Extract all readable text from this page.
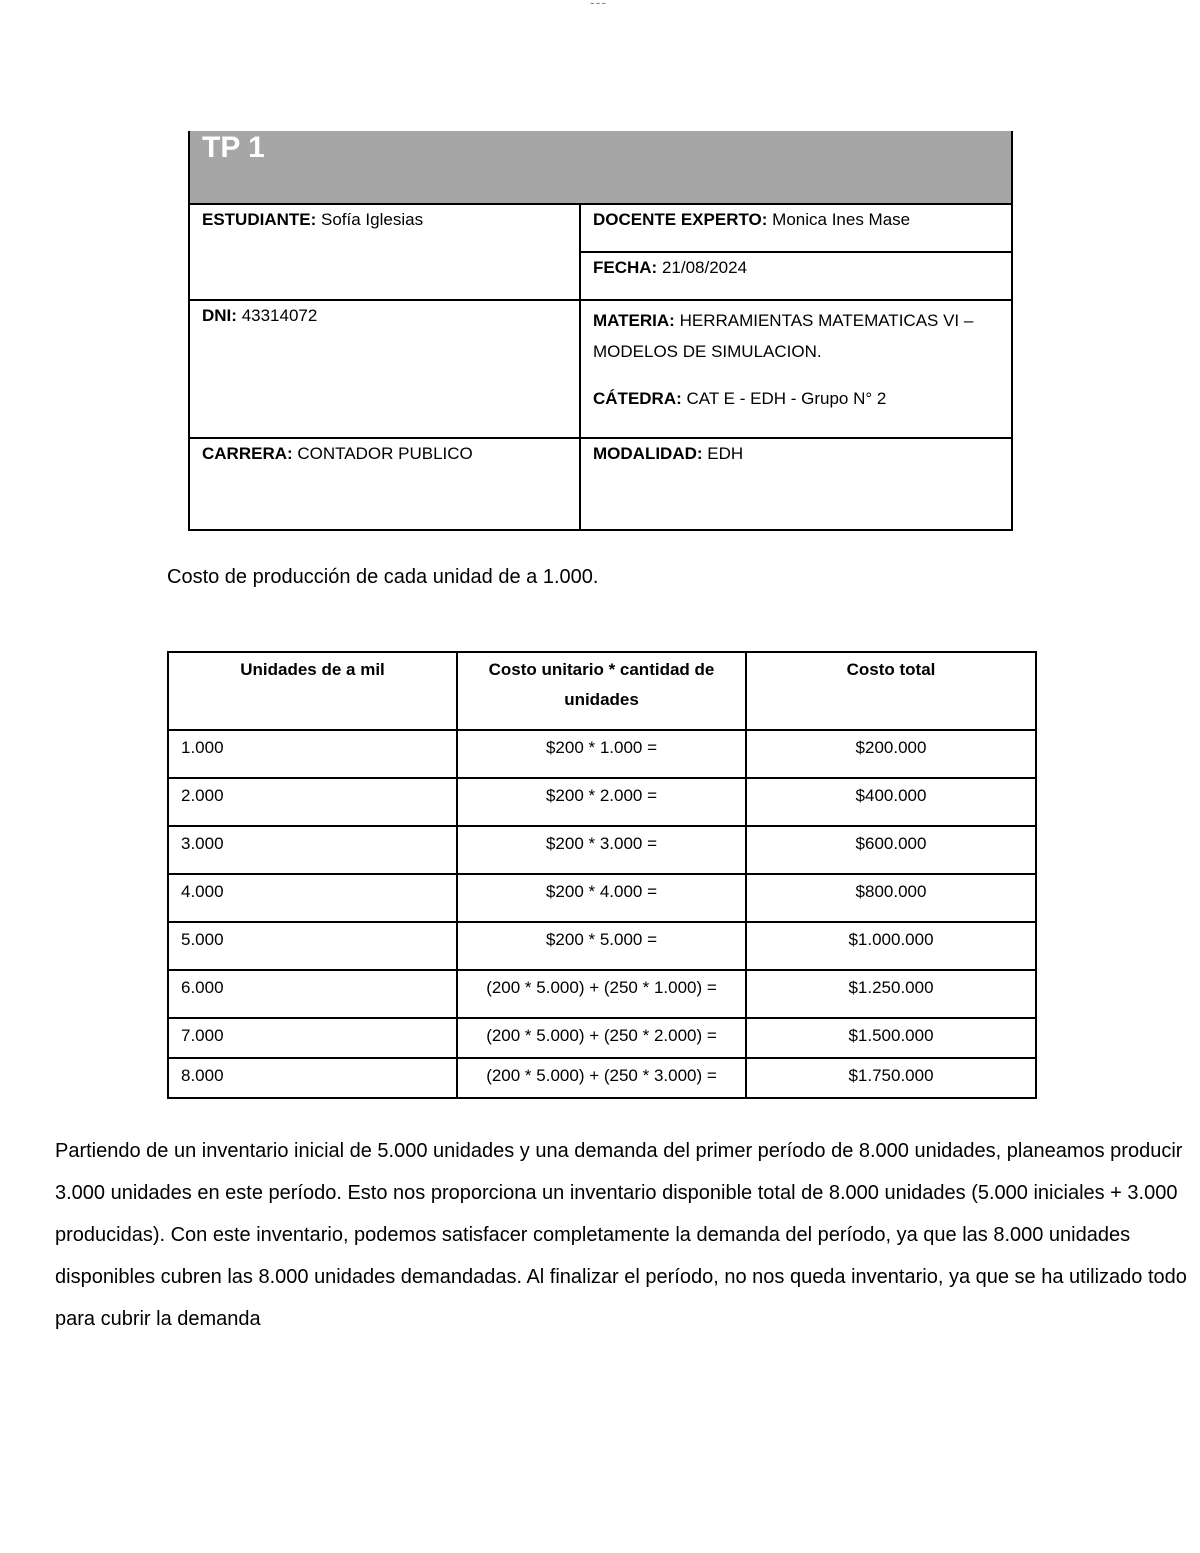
---
TP 1	
ESTUDIANTE: Sofía Iglesias	DOCENTE EXPERTO: Monica Ines Mase
	FECHA: 21/08/2024
DNI: 43314072	MATERIA: HERRAMIENTAS MATEMATICAS VI – MODELOS DE SIMULACION.

CÁTEDRA: CAT E - EDH - Grupo N° 2

CARRERA: CONTADOR PUBLICO	MODALIDAD: EDH

Costo de producción de cada unidad de a 1.000.

Unidades de a mil	Costo unitario * cantidad de unidades	Costo total
1.000	$200 * 1.000 =	$200.000
2.000	$200 * 2.000 =	$400.000
3.000	$200 * 3.000 =	$600.000
4.000	$200 * 4.000 =	$800.000
5.000	$200 * 5.000 =	$1.000.000
6.000	(200 * 5.000) + (250 * 1.000) =	$1.250.000
7.000	(200 * 5.000) + (250 * 2.000) =	$1.500.000
8.000	(200 * 5.000) + (250 * 3.000) =	$1.750.000

Partiendo de un inventario inicial de 5.000 unidades y una demanda del primer período de 8.000 unidades, planeamos producir 3.000 unidades en este período. Esto nos proporciona un inventario disponible total de 8.000 unidades (5.000 iniciales + 3.000 producidas). Con este inventario, podemos satisfacer completamente la demanda del período, ya que las 8.000 unidades disponibles cubren las 8.000 unidades demandadas. Al finalizar el período, no nos queda inventario, ya que se ha utilizado todo para cubrir la demanda
